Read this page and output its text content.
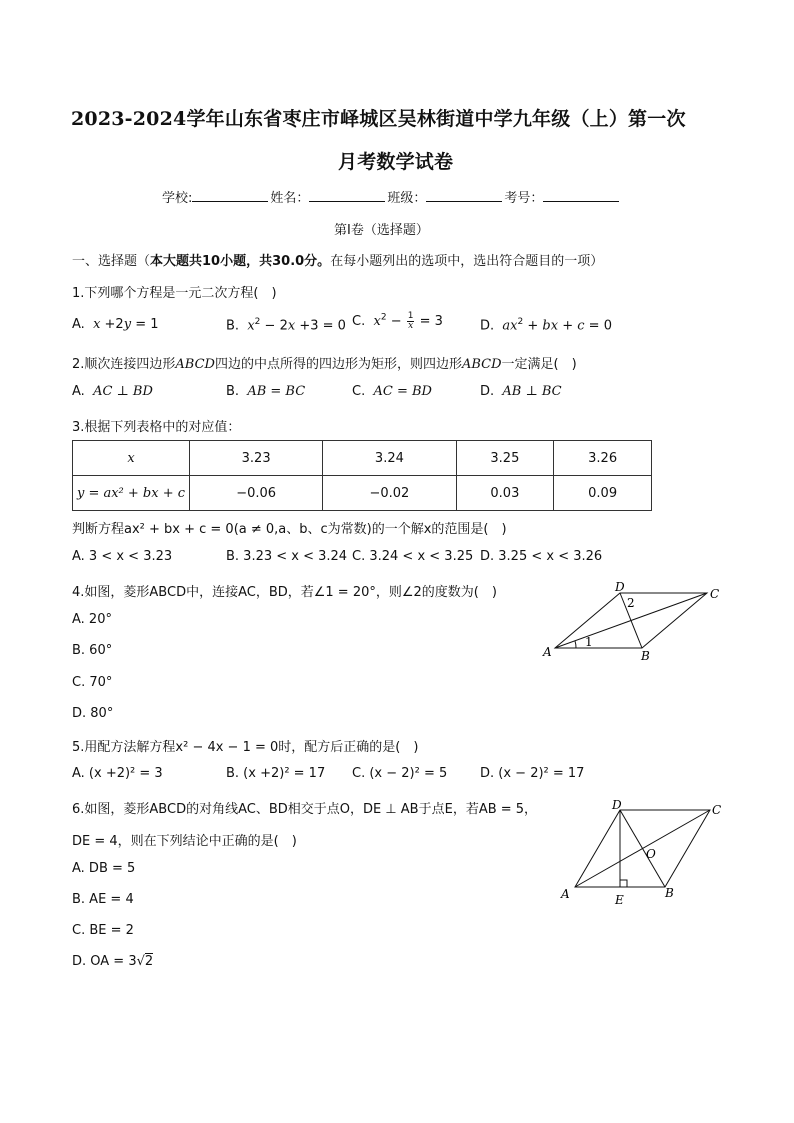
2023-2024学年山东省枣庄市峄城区吴林街道中学九年级（上）第一次
月考数学试卷
学校:	姓名：	班级：	考号：
第Ⅰ卷（选择题）
一、选择题（本大题共10小题，共30.0分。在每小题列出的选项中，选出符合题目的一项）
1.下列哪个方程是一元二次方程(　)
A. x +2y = 1	B. $x^2 - 2x +3 = 0$ C. $x^2 - \frac{1}{x} = 3$	D. $ax^2$ + bx + c = 0
2.顺次连接四边形ABCD四边的中点所得的四边形为矩形，则四边形ABCD一定满足(　)
A. AC ⊥ BD	B. AB = BC	C. AC = BD	D. AB ⊥ BC
3.根据下列表格中的对应值：
x	3.23	3.24	3.25	3.26
y = ax² + bx + c	−0.06	−0.02	0.03	0.09
判断方程ax² + bx + c = 0(a ≠ 0,a、b、c为常数)的一个解x的范围是(　)
A. 3 < x < 3.23	B. 3.23 < x < 3.24 C. 3.24 < x < 3.25 D. 3.25 < x < 3.26
4.如图，菱形ABCD中，连接AC，BD，若∠1 = 20°，则∠2的度数为(　)
A. 20°
B. 60°
C. 70°
D. 80°
A	B
C
D
1
2
5.用配方法解方程x² − 4x − 1 = 0时，配方后正确的是(　)
A. (x +2)² = 3	B. (x +2)² = 17 C. (x − 2)² = 5	D. (x − 2)² = 17
6.如图，菱形ABCD的对角线AC、BD相交于点O，DE ⊥ AB于点E，若AB = 5，
DE = 4，则在下列结论中正确的是(　)
A. DB = 5
B. AE = 4
C. BE = 2
D. OA = 3√2
A	B
C
D
E
O
